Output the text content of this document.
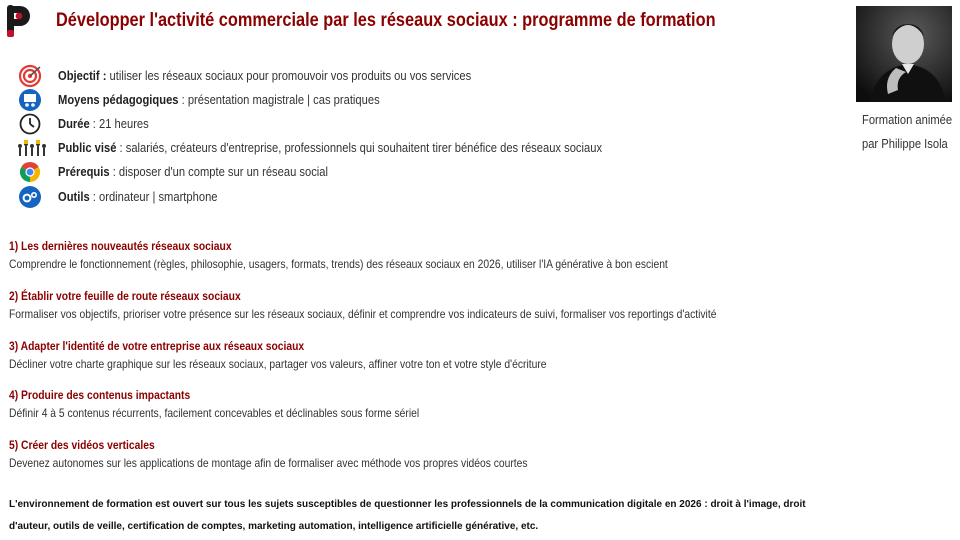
Développer l'activité commerciale par les réseaux sociaux : programme de formation
Formation animée
par Philippe Isola
Objectif : utiliser les réseaux sociaux pour promouvoir vos produits ou vos services
Moyens pédagogiques : présentation magistrale | cas pratiques
Durée : 21 heures
Public visé : salariés, créateurs d'entreprise, professionnels qui souhaitent tirer bénéfice des réseaux sociaux
Prérequis : disposer d'un compte sur un réseau social
Outils : ordinateur | smartphone
1) Les dernières nouveautés réseaux sociaux
Comprendre le fonctionnement (règles, philosophie, usagers, formats, trends) des réseaux sociaux en 2026, utiliser l'IA générative à bon escient
2) Établir votre feuille de route réseaux sociaux
Formaliser vos objectifs, prioriser votre présence sur les réseaux sociaux, définir et comprendre vos indicateurs de suivi, formaliser vos reportings d'activité
3) Adapter l'identité de votre entreprise aux réseaux sociaux
Décliner votre charte graphique sur les réseaux sociaux, partager vos valeurs, affiner votre ton et votre style d'écriture
4) Produire des contenus impactants
Définir 4 à 5 contenus récurrents, facilement concevables et déclinables sous forme sériel
5) Créer des vidéos verticales
Devenez autonomes sur les applications de montage afin de formaliser avec méthode vos propres vidéos courtes

L'environnement de formation est ouvert sur tous les sujets susceptibles de questionner les professionnels de la communication digitale en 2026 : droit à l'image, droit d'auteur, outils de veille, certification de comptes, marketing automation, intelligence artificielle générative, etc.
